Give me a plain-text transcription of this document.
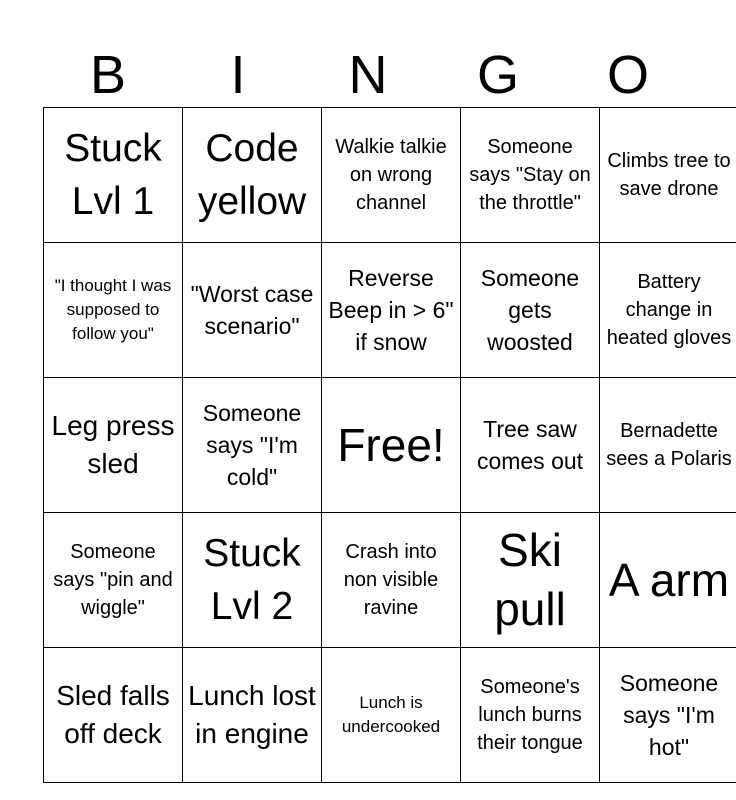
B	I	N	G	O
Stuck Lvl 1	Code yellow	Walkie talkie on wrong channel	Someone says "Stay on the throttle"	Climbs tree to save drone
"I thought I was supposed to follow you"	"Worst case scenario"	Reverse Beep in > 6" if snow	Someone gets woosted	Battery change in heated gloves
Leg press sled	Someone says "I'm cold"	Free!	Tree saw comes out	Bernadette sees a Polaris
Someone says "pin and wiggle"	Stuck Lvl 2	Crash into non visible ravine	Ski pull	A arm
Sled falls off deck	Lunch lost in engine	Lunch is undercooked	Someone's lunch burns their tongue	Someone says "I'm hot"
